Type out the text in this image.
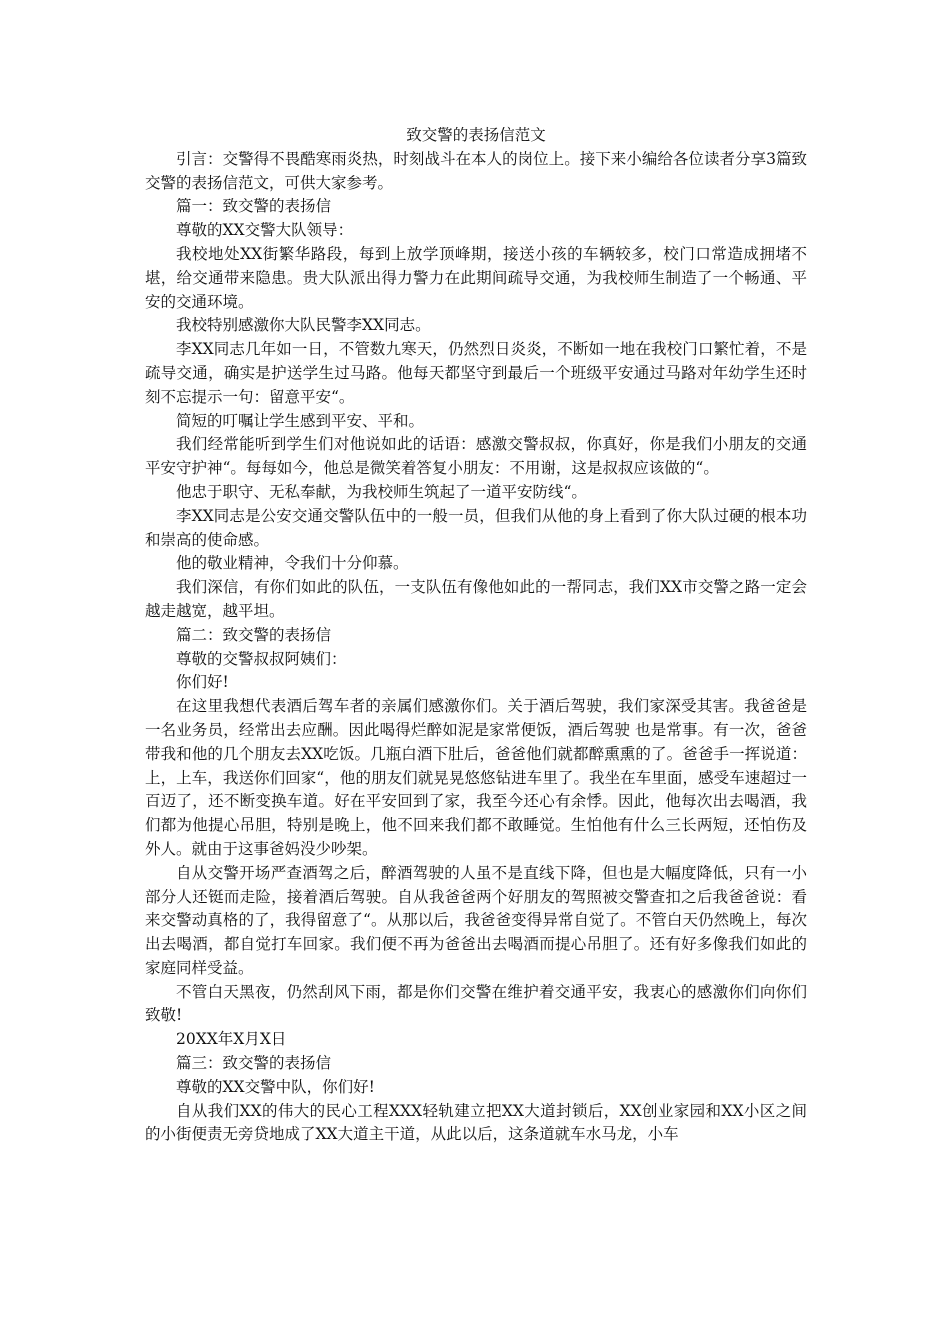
致交警的表扬信范文

引言：交警得不畏酷寒雨炎热，时刻战斗在本人的岗位上。接下来小编给各位读者分享3篇致交警的表扬信范文，可供大家参考。

篇一：致交警的表扬信

尊敬的XX交警大队领导：

我校地处XX街繁华路段，每到上放学顶峰期，接送小孩的车辆较多，校门口常造成拥堵不堪，给交通带来隐患。贵大队派出得力警力在此期间疏导交通，为我校师生制造了一个畅通、平安的交通环境。

我校特别感激你大队民警李XX同志。

李XX同志几年如一日，不管数九寒天，仍然烈日炎炎，不断如一地在我校门口繁忙着，不是疏导交通，确实是护送学生过马路。他每天都坚守到最后一个班级平安通过马路对年幼学生还时刻不忘提示一句：留意平安“。

简短的叮嘱让学生感到平安、平和。

我们经常能听到学生们对他说如此的话语：感激交警叔叔，你真好，你是我们小朋友的交通平安守护神“。每每如今，他总是微笑着答复小朋友：不用谢，这是叔叔应该做的“。

他忠于职守、无私奉献，为我校师生筑起了一道平安防线“。

李XX同志是公安交通交警队伍中的一般一员，但我们从他的身上看到了你大队过硬的根本功和崇高的使命感。

他的敬业精神，令我们十分仰慕。

我们深信，有你们如此的队伍，一支队伍有像他如此的一帮同志，我们XX市交警之路一定会越走越宽，越平坦。

篇二：致交警的表扬信

尊敬的交警叔叔阿姨们：

你们好!

在这里我想代表酒后驾车者的亲属们感激你们。关于酒后驾驶，我们家深受其害。我爸爸是一名业务员，经常出去应酬。因此喝得烂醉如泥是家常便饭，酒后驾驶 也是常事。有一次，爸爸带我和他的几个朋友去XX吃饭。几瓶白酒下肚后，爸爸他们就都醉熏熏的了。爸爸手一挥说道：上，上车，我送你们回家“，他的朋友们就晃晃悠悠钻进车里了。我坐在车里面，感受车速超过一百迈了，还不断变换车道。好在平安回到了家，我至今还心有余悸。因此，他每次出去喝酒，我们都为他提心吊胆，特别是晚上，他不回来我们都不敢睡觉。生怕他有什么三长两短，还怕伤及外人。就由于这事爸妈没少吵架。

自从交警开场严查酒驾之后，醉酒驾驶的人虽不是直线下降，但也是大幅度降低，只有一小部分人还铤而走险，接着酒后驾驶。自从我爸爸两个好朋友的驾照被交警查扣之后我爸爸说：看来交警动真格的了，我得留意了“。从那以后，我爸爸变得异常自觉了。不管白天仍然晚上，每次出去喝酒，都自觉打车回家。我们便不再为爸爸出去喝酒而提心吊胆了。还有好多像我们如此的家庭同样受益。

不管白天黑夜，仍然刮风下雨，都是你们交警在维护着交通平安，我衷心的感激你们向你们致敬!

20XX年X月X日

篇三：致交警的表扬信

尊敬的XX交警中队，你们好!

自从我们XX的伟大的民心工程XXX轻轨建立把XX大道封锁后，XX创业家园和XX小区之间的小街便责无旁贷地成了XX大道主干道，从此以后，这条道就车水马龙，小车
